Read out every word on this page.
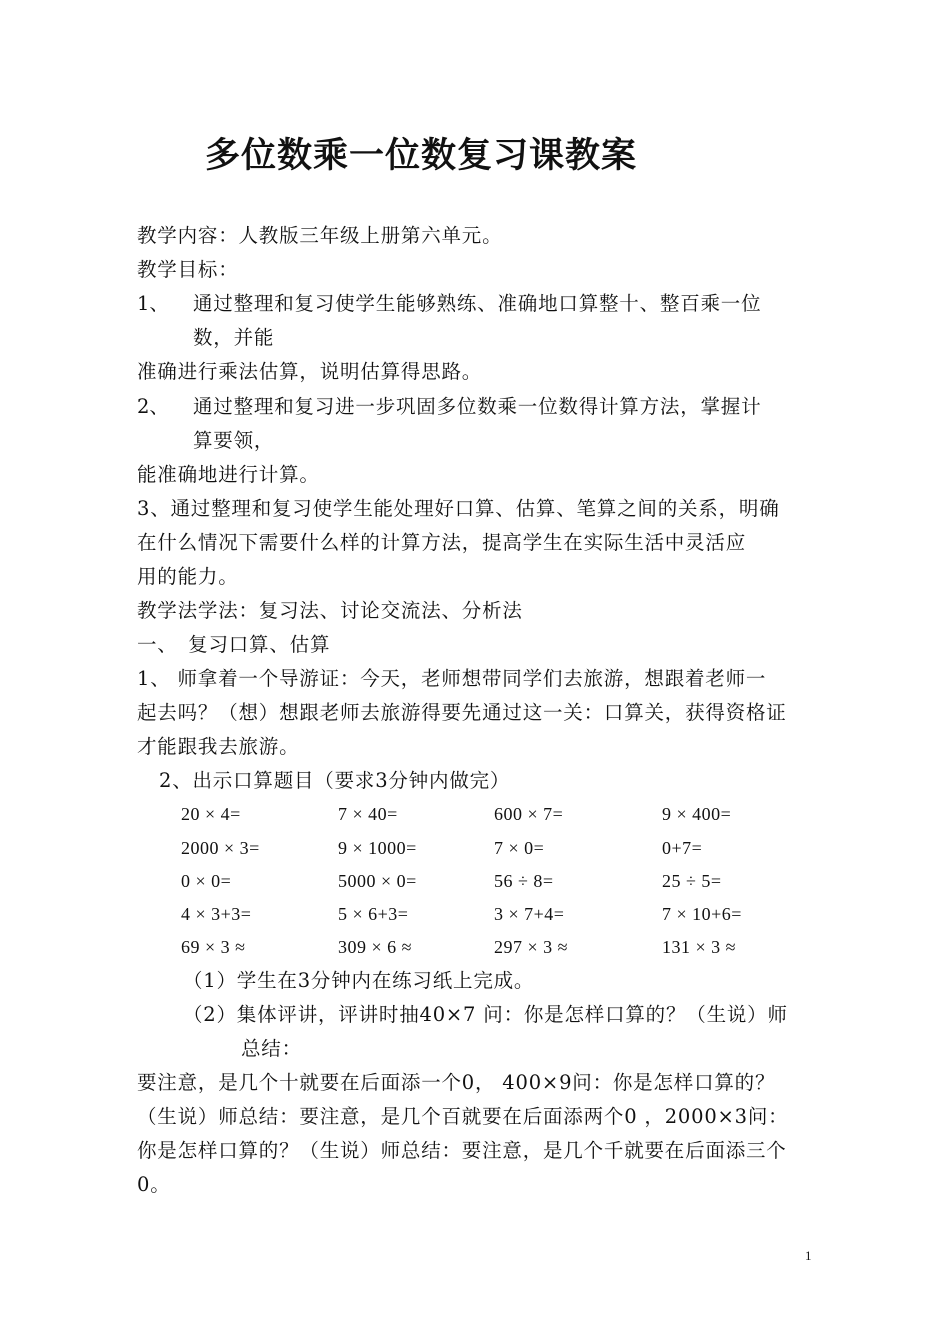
多位数乘一位数复习课教案
教学内容：人教版三年级上册第六单元。
教学目标：
1、 通过整理和复习使学生能够熟练、准确地口算整十、整百乘一位
数，并能
准确进行乘法估算，说明估算得思路。
2、 通过整理和复习进一步巩固多位数乘一位数得计算方法，掌握计
算要领，
能准确地进行计算。
3、通过整理和复习使学生能处理好口算、估算、笔算之间的关系，明确
在什么情况下需要什么样的计算方法，提高学生在实际生活中灵活应
用的能力。
教学法学法：复习法、讨论交流法、分析法
一、　复习口算、估算
1、 师拿着一个导游证：今天，老师想带同学们去旅游，想跟着老师一
起去吗？（想）想跟老师去旅游得要先通过这一关：口算关，获得资格证
才能跟我去旅游。
2、出示口算题目（要求3分钟内做完）
20 × 4=	7 × 40=	600 × 7=	9 × 400=
2000 × 3=	9 × 1000=	7 × 0=	0+7=
0 × 0=	5000 × 0=	56 ÷ 8=	25 ÷ 5=
4 × 3+3=	5 × 6+3=	3 × 7+4=	7 × 10+6=
69 × 3 ≈	309 × 6 ≈	297 × 3 ≈	131 × 3 ≈
（1）学生在3分钟内在练习纸上完成。
（2）集体评讲，评讲时抽40×7 问：你是怎样口算的？（生说）师
总结：
要注意，是几个十就要在后面添一个0， 400×9问：你是怎样口算的？
（生说）师总结：要注意，是几个百就要在后面添两个0 ，2000×3问：
你是怎样口算的？（生说）师总结：要注意，是几个千就要在后面添三个
0。
1
